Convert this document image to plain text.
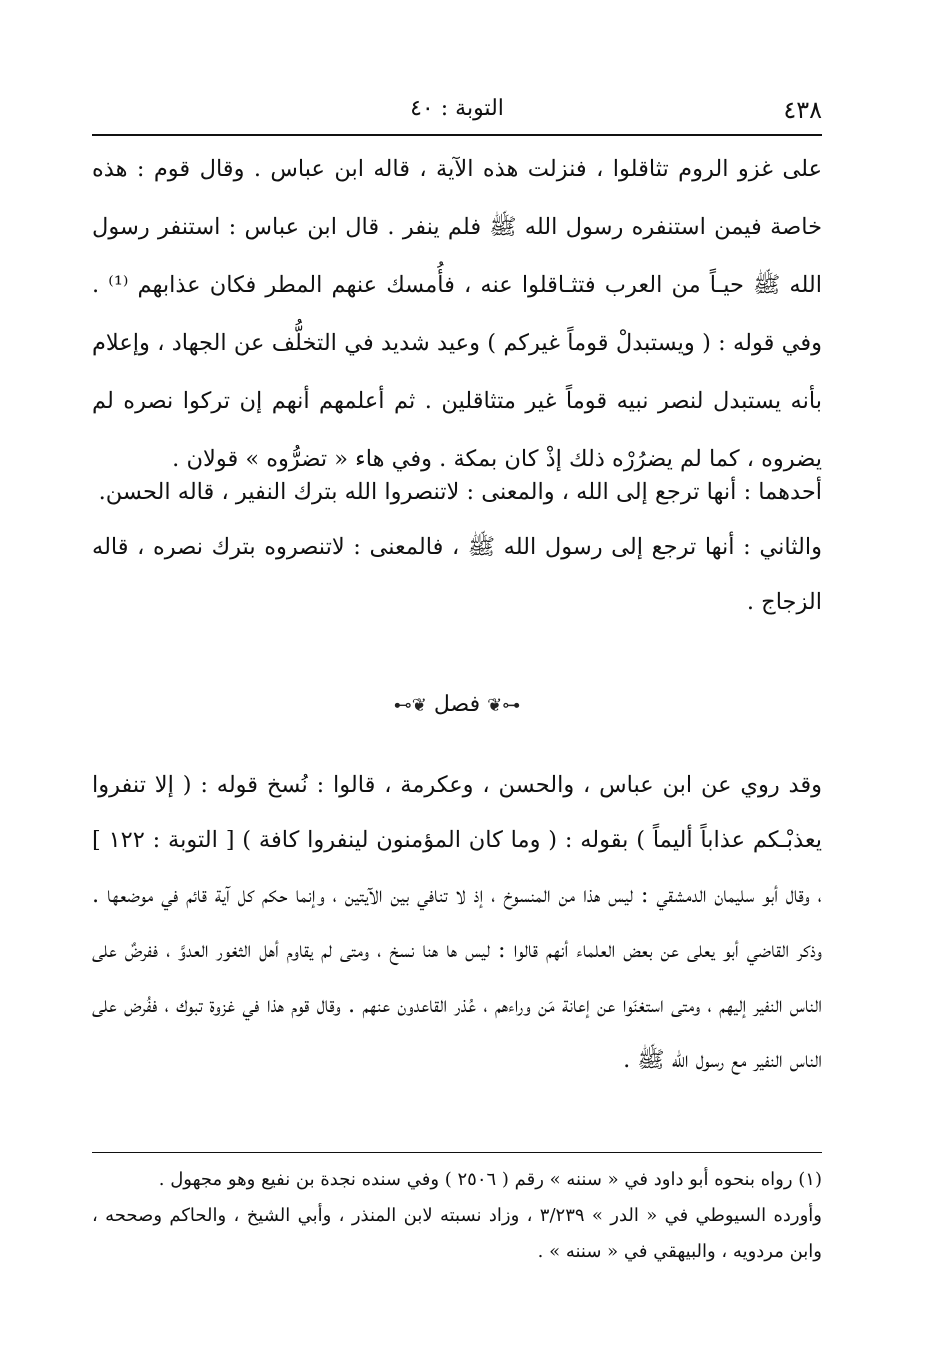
٤٣٨
التوبة : ٤٠

على غزو الروم تثاقلوا ، فنزلت هذه الآية ، قاله ابن عباس . وقال قوم : هذه خاصة فيمن استنفره رسول الله ﷺ فلم ينفر . قال ابن عباس : استنفر رسول الله ﷺ حيـاً من العرب فتثـاقلوا عنه ، فأُمسك عنهم المطر فكان عذابهم ⁽¹⁾ . وفي قوله : ( ويستبدلْ قوماً غيركم ) وعيد شديد في التخلُّف عن الجهاد ، وإعلام بأنه يستبدل لنصر نبيه قوماً غير متثاقلين . ثم أعلمهم أنهم إن تركوا نصره لم يضروه ، كما لم يضرُرْه ذلك إذْ كان بمكة . وفي هاء « تضرُّوه » قولان .

أحدهما : أنها ترجع إلى الله ، والمعنى : لاتنصروا الله بترك النفير ، قاله الحسن.

والثاني : أنها ترجع إلى رسول الله ﷺ ، فالمعنى : لاتنصروه بترك نصره ، قاله الزجاج .

⊷❦ فصل ❦⊶

وقد روي عن ابن عباس ، والحسن ، وعكرمة ، قالوا : نُسخ قوله : ( إلا تنفروا يعذبْـكم عذاباً أليماً ) بقوله : ( وما كان المؤمنون لينفروا كافة ) [ التوبة : ١٢٢ ] ، وقال أبو سليمان الدمشقي : ليس هذا من المنسوخ ، إذ لا تنافي بين الآيتين ، وإنما حكم كل آية قائم في موضعها . وذكر القاضي أبو يعلى عن بعض العلماء أنهم قالوا : ليس ها هنا نسخ ، ومتى لم يقاوم أهل الثغور العدوَّ ، ففرضٌ على الناس النفير إليهم ، ومتى استغنَوا عن إعانة مَن وراءهم ، عُذر القاعدون عنهم . وقال قوم هذا في غزوة تبوك ، ففُرض على الناس النفير مع رسول الله ﷺ .

(١) رواه بنحوه أبو داود في « سننه » رقم ( ٢٥٠٦ ) وفي سنده نجدة بن نفيع وهو مجهول .

وأورده السيوطي في « الدر » ٣/٢٣٩ ، وزاد نسبته لابن المنذر ، وأبي الشيخ ، والحاكم وصححه ، وابن مردويه ، والبيهقي في « سننه » .
